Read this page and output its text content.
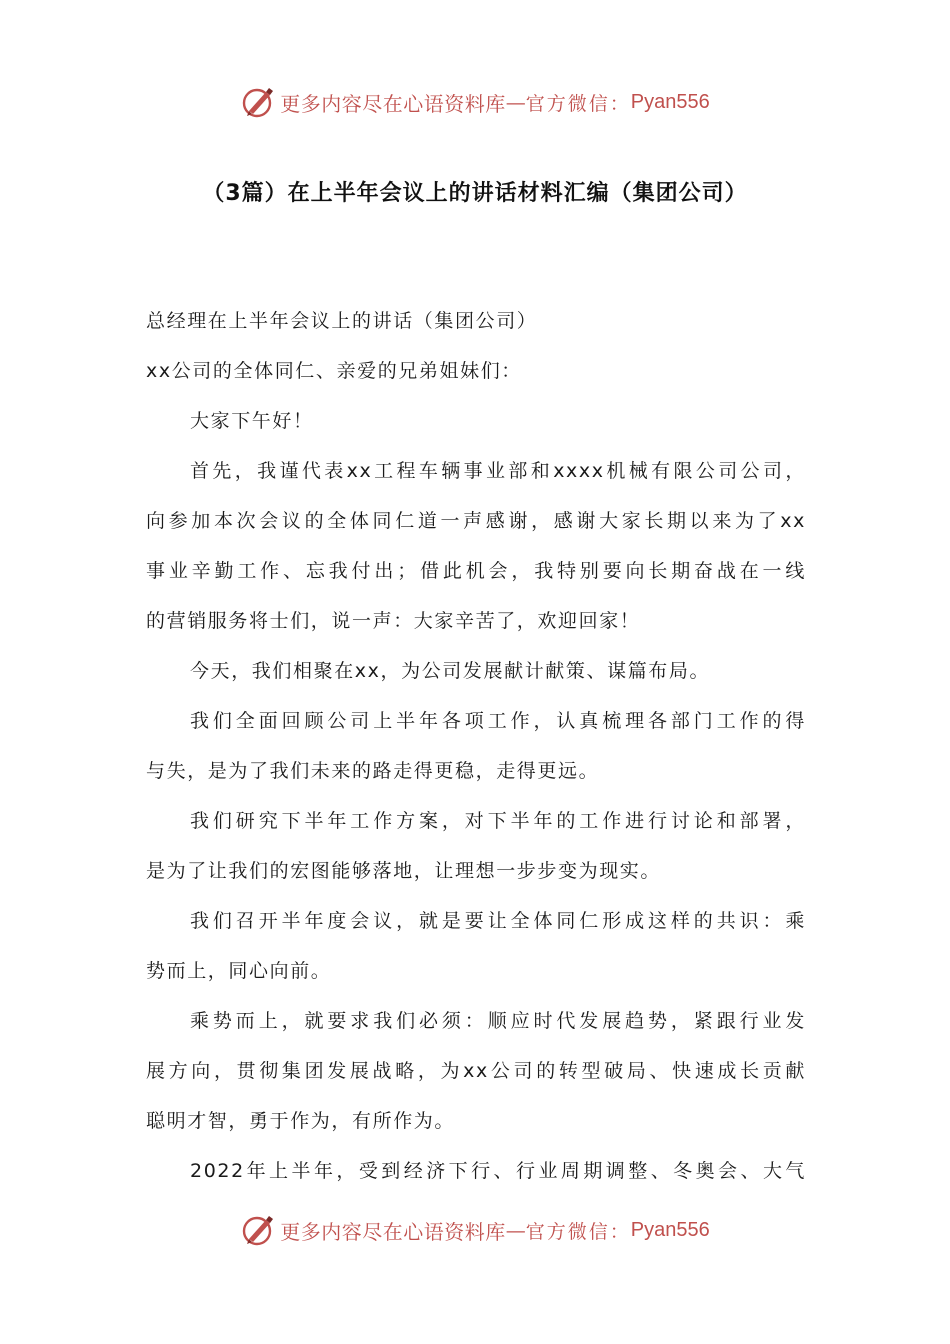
更多内容尽在心语资料库 — 官方微信： Pyan556
（3篇）在上半年会议上的讲话材料汇编（集团公司）
总经理在上半年会议上的讲话（集团公司）
xx公司的全体同仁、亲爱的兄弟姐妹们：
大家下午好！
首先，我谨代表xx工程车辆事业部和xxxx机械有限公司公司，
向参加本次会议的全体同仁道一声感谢，感谢大家长期以来为了xx
事业辛勤工作、忘我付出；借此机会，我特别要向长期奋战在一线
的营销服务将士们，说一声：大家辛苦了，欢迎回家！
今天，我们相聚在xx，为公司发展献计献策、谋篇布局。
我们全面回顾公司上半年各项工作，认真梳理各部门工作的得
与失，是为了我们未来的路走得更稳，走得更远。
我们研究下半年工作方案，对下半年的工作进行讨论和部署，
是为了让我们的宏图能够落地，让理想一步步变为现实。
我们召开半年度会议，就是要让全体同仁形成这样的共识：乘
势而上，同心向前。
乘势而上，就要求我们必须：顺应时代发展趋势，紧跟行业发
展方向，贯彻集团发展战略，为xx公司的转型破局、快速成长贡献
聪明才智，勇于作为，有所作为。
2022年上半年，受到经济下行、行业周期调整、冬奥会、大气
更多内容尽在心语资料库 — 官方微信： Pyan556
